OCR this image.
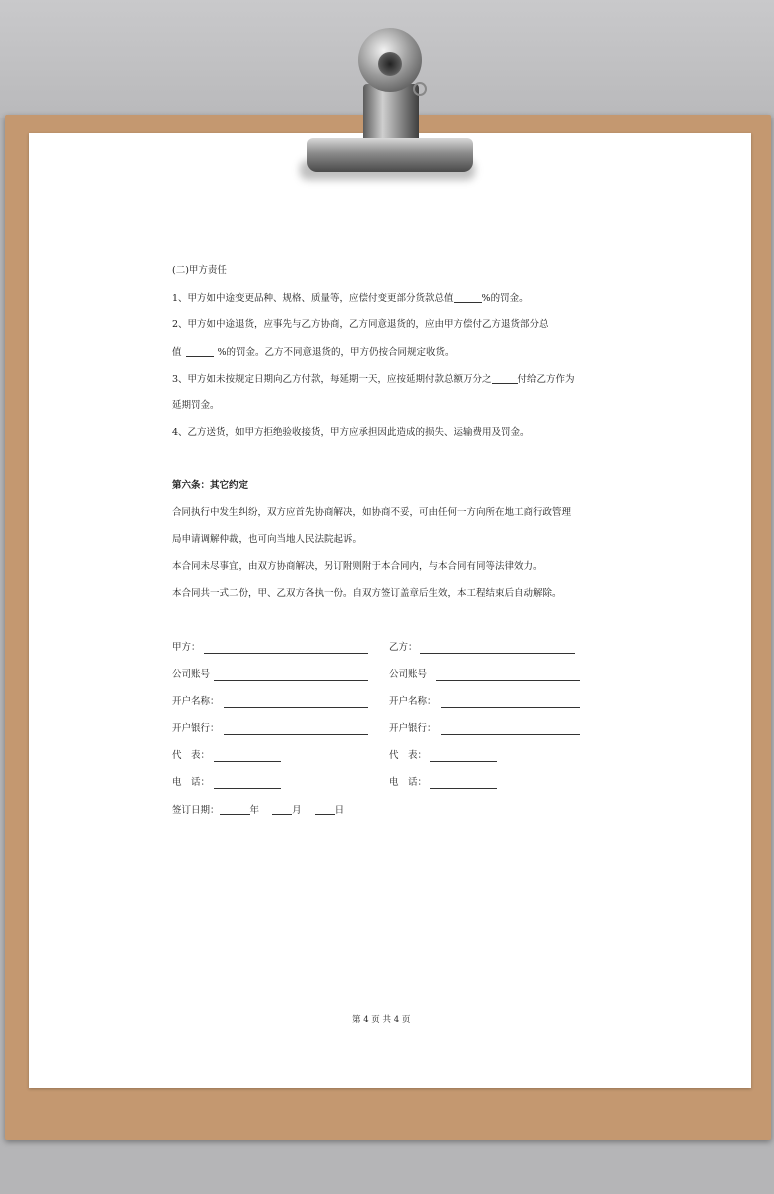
(二)甲方责任
1、甲方如中途变更品种、规格、质量等，应偿付变更部分货款总值	%的罚金。
2、甲方如中途退货，应事先与乙方协商，乙方同意退货的，应由甲方偿付乙方退货部分总
值	%的罚金。乙方不同意退货的，甲方仍按合同规定收货。
3、甲方如未按规定日期向乙方付款，每延期一天，应按延期付款总额万分之	付给乙方作为
延期罚金。
4、乙方送货，如甲方拒绝验收接货，甲方应承担因此造成的损失、运输费用及罚金。
第六条：其它约定
合同执行中发生纠纷，双方应首先协商解决，如协商不妥，可由任何一方向所在地工商行政管理
局申请调解仲裁，也可向当地人民法院起诉。
本合同未尽事宜，由双方协商解决，另订附则附于本合同内，与本合同有同等法律效力。
本合同共一式二份，甲、乙双方各执一份。自双方签订盖章后生效，本工程结束后自动解除。
甲方：	乙方：
公司账号	公司账号
开户名称：	开户名称：
开户银行：	开户银行：
代　表：	代　表：
电　话：	电　话：
签订日期：	年	月	日
第 4 页 共 4 页
